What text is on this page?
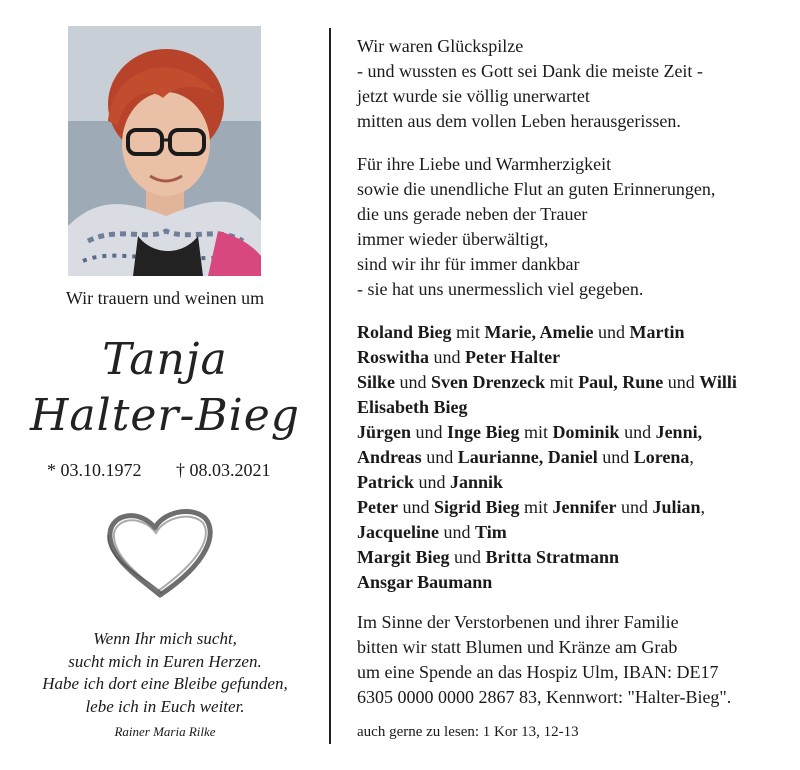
Wir trauern und weinen um
Tanja
Halter-Bieg
* 03.10.1972 † 08.03.2021
Wenn Ihr mich sucht,
sucht mich in Euren Herzen.
Habe ich dort eine Bleibe gefunden,
lebe ich in Euch weiter.
Rainer Maria Rilke
Wir waren Glückspilze
- und wussten es Gott sei Dank die meiste Zeit -
jetzt wurde sie völlig unerwartet
mitten aus dem vollen Leben herausgerissen.
Für ihre Liebe und Warmherzigkeit
sowie die unendliche Flut an guten Erinnerungen,
die uns gerade neben der Trauer
immer wieder überwältigt,
sind wir ihr für immer dankbar
- sie hat uns unermesslich viel gegeben.
Roland Bieg mit Marie, Amelie und Martin
Roswitha und Peter Halter
Silke und Sven Drenzeck mit Paul, Rune und Willi
Elisabeth Bieg
Jürgen und Inge Bieg mit Dominik und Jenni,
Andreas und Laurianne, Daniel und Lorena,
Patrick und Jannik
Peter und Sigrid Bieg mit Jennifer und Julian,
Jacqueline und Tim
Margit Bieg und Britta Stratmann
Ansgar Baumann
Im Sinne der Verstorbenen und ihrer Familie
bitten wir statt Blumen und Kränze am Grab
um eine Spende an das Hospiz Ulm, IBAN: DE17
6305 0000 0000 2867 83, Kennwort: "Halter-Bieg".
auch gerne zu lesen: 1 Kor 13, 12-13
